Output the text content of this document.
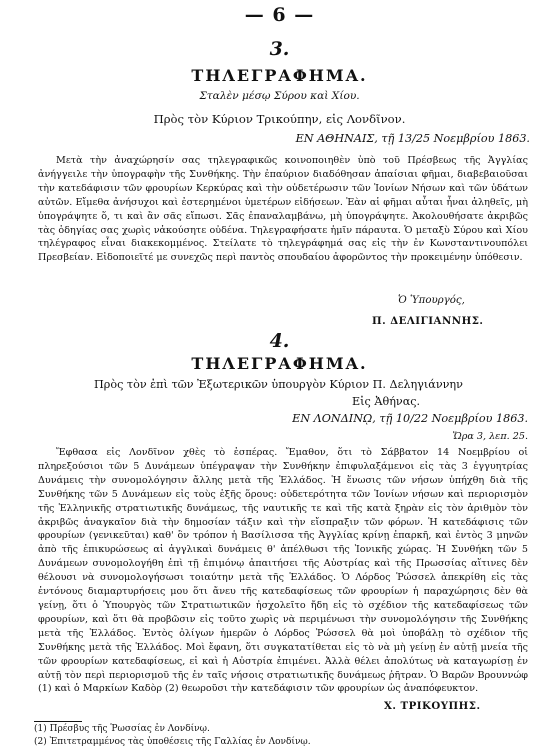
— 6 —
3.
ΤΗΛΕΓΡΑΦΗΜΑ.
Σταλὲν μέσῳ Σύρου καὶ Χίου.
Πρὸς τὸν Κύριον Τρικούπην, εἰς Λονδῖνον.
ΕΝ ΑΘΗΝΑΙΣ, τῇ 13/25 Νοεμβρίου 1863.
Μετὰ τὴν ἀναχώρησίν σας τηλεγραφικῶς κοινοποιηθὲν ὑπὸ τοῦ Πρέσβεως τῆς Ἀγγλίας ἀνήγγειλε τὴν ὑπογραφὴν τῆς Συνθήκης. Τὴν ἐπαύριον διαδόθησαν ἀπαίσιαι φῆμαι, διαβεβαιοῦσαι τὴν κατεδάφισιν τῶν φρουρίων Κερκύρας καὶ τὴν οὐδετέρωσιν τῶν Ἰονίων Νήσων καὶ τῶν ὑδάτων αὐτῶν. Εἴμεθα ἀνήσυχοι καὶ ἐστερημένοι ὑμετέρων εἰδήσεων. Ἐὰν αἱ φῆμαι αὗται ἦναι ἀληθεῖς, μὴ ὑπογράψητε ὅ, τι καὶ ἂν σᾶς εἴπωσι. Σᾶς ἐπαναλαμβάνω, μὴ ὑπογράψητε. Ἀκολουθήσατε ἀκριβῶς τὰς ὁδηγίας σας χωρὶς νἀκούσητε οὐδένα. Τηλεγραφήσατε ἡμῖν πάραυτα. Ὁ μεταξὺ Σύρου καὶ Χίου τηλέγραφος εἶναι διακεκομμένος. Στείλατε τὸ τηλεγράφημά σας εἰς τὴν ἐν Κωνσταντινουπόλει Πρεσβείαν. Εἰδοποιεῖτέ με συνεχῶς περὶ παντὸς σπουδαίου ἀφορῶντος τὴν προκειμένην ὑπόθεσιν.
Ὁ Ὑπουργός,
Π. ΔΕΛΙΓΙΑΝΝΗΣ.
4.
ΤΗΛΕΓΡΑΦΗΜΑ.
Πρὸς τὸν ἐπὶ τῶν Ἐξωτερικῶν ὑπουργὸν Κύριον Π. Δεληγιάννην
Εἰς Ἀθήνας.
ΕΝ ΛΟΝΔΙΝῼ, τῇ 10/22 Νοεμβρίου 1863.
Ὥρα 3, λεπ. 25.
Ἔφθασα εἰς Λονδῖνον χθὲς τὸ ἑσπέρας. Ἔμαθον, ὅτι τὸ Σάββατον 14 Νοεμβρίου οἱ πληρεξούσιοι τῶν 5 Δυνάμεων ὑπέγραψαν τὴν Συνθήκην ἐπιφυλαξάμενοι εἰς τὰς 3 ἐγγυητρίας Δυνάμεις τὴν συνομολόγησιν ἄλλης μετὰ τῆς Ἑλλάδος. Ἡ ἕνωσις τῶν νήσων ὑπήχθη διὰ τῆς Συνθήκης τῶν 5 Δυνάμεων εἰς τοὺς ἑξῆς ὅρους: οὐδετερότητα τῶν Ἰονίων νήσων καὶ περιορισμὸν τῆς Ἑλληνικῆς στρατιωτικῆς δυνάμεως, τῆς ναυτικῆς τε καὶ τῆς κατὰ ξηρὰν εἰς τὸν ἀριθμὸν τὸν ἀκριβῶς ἀναγκαῖον διὰ τὴν δημοσίαν τάξιν καὶ τὴν εἴσπραξιν τῶν φόρων. Ἡ κατεδάφισις τῶν φρουρίων (γενικεῦται) καθ' ὃν τρόπον ἡ Βασίλισσα τῆς Ἀγγλίας κρίνῃ ἐπαρκῆ, καὶ ἐντὸς 3 μηνῶν ἀπὸ τῆς ἐπικυρώσεως αἱ ἀγγλικαὶ δυνάμεις θ' ἀπέλθωσι τῆς Ἰονικῆς χώρας. Ἡ Συνθήκη τῶν 5 Δυνάμεων συνομολογήθη ἐπὶ τῇ ἐπιμόνῳ ἀπαιτήσει τῆς Αὐστρίας καὶ τῆς Πρωσσίας αἵτινες δὲν θέλουσι νὰ συνομολογήσωσι τοιαύτην μετὰ τῆς Ἑλλάδος. Ὁ Λόρδος Ῥώσσελ ἀπεκρίθη εἰς τὰς ἐντόνους διαμαρτυρήσεις μου ὅτι ἄνευ τῆς κατεδαφίσεως τῶν φρουρίων ἡ παραχώρησις δὲν θὰ γείνῃ, ὅτι ὁ Ὑπουργὸς τῶν Στρατιωτικῶν ἠσχολεῖτο ἤδη εἰς τὸ σχέδιον τῆς κατεδαφίσεως τῶν φρουρίων, καὶ ὅτι θὰ προβῶσιν εἰς τοῦτο χωρὶς νὰ περιμένωσι τὴν συνομολόγησιν τῆς Συνθήκης μετὰ τῆς Ἑλλάδος. Ἐντὸς ὀλίγων ἡμερῶν ὁ Λόρδος Ῥώσσελ θὰ μοὶ ὑποβάλῃ τὸ σχέδιον τῆς Συνθήκης μετὰ τῆς Ἑλλάδος. Μοὶ ἔφανη, ὅτι συγκατατίθεται εἰς τὸ νὰ μὴ γείνῃ ἐν αὐτῇ μνεία τῆς τῶν φρουρίων κατεδαφίσεως, εἰ καὶ ἡ Αὐστρία ἐπιμένει. Ἀλλὰ θέλει ἀπολύτως νὰ καταγωρίσῃ ἐν αὐτῇ τὸν περὶ περιορισμοῦ τῆς ἐν ταῖς νήσοις στρατιωτικῆς δυνάμεως ῥῆτραν. Ὁ Βαρῶν Βρουννώφ (1) καὶ ὁ Μαρκίων Καδὸρ (2) θεωροῦσι τὴν κατεδάφισιν τῶν φρουρίων ὡς ἀναπόφευκτον.
Χ. ΤΡΙΚΟΥΠΗΣ.
(1) Πρέσβυς τῆς Ῥωσσίας ἐν Λονδίνῳ.
(2) Ἐπιτετραμμένος τὰς ὑποθέσεις τῆς Γαλλίας ἐν Λονδίνῳ.
